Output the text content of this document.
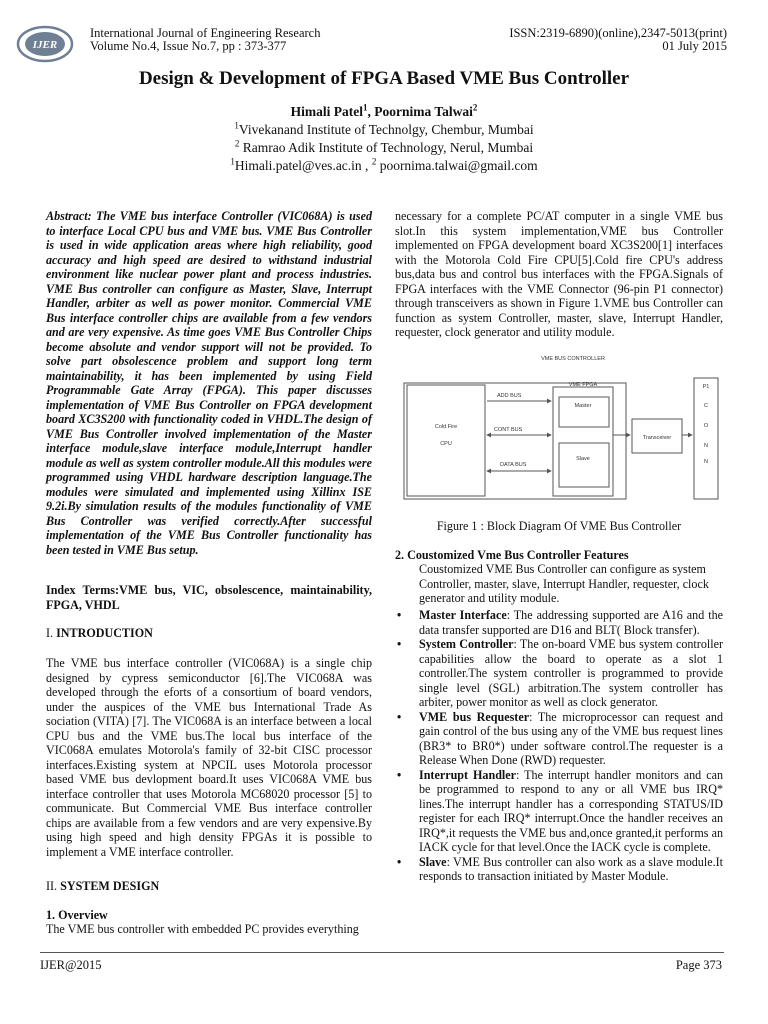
IJER
International Journal of Engineering Research
Volume No.4, Issue No.7, pp : 373-377
ISSN:2319-6890)(online),2347-5013(print)
01 July 2015
Design & Development of FPGA Based VME Bus Controller
Himali Patel$^1$, Poornima Talwai$^2$
$^1$Vivekanand Institute of Technolgy, Chembur, Mumbai
$^2$ Ramrao Adik Institute of Technology, Nerul, Mumbai
$^1$Himali.patel@ves.ac.in , $^2$ poornima.talwai@gmail.com
Abstract: The VME bus interface Controller (VIC068A) is used to interface Local CPU bus and VME bus. VME Bus Controller is used in wide application areas where high reliability, good accuracy and high speed are desired to withstand industrial environment like nuclear power plant and process industries. VME Bus controller can configure as Master, Slave, Interrupt Handler, arbiter as well as power monitor. Commercial VME Bus interface controller chips are available from a few vendors and are very expensive. As time goes VME Bus Controller Chips become absolute and vendor support will not be provided. To solve part obsolescence problem and support long term maintainability, it has been implemented by using Field Programmable Gate Array (FPGA). This paper discusses implementation of VME Bus Controller on FPGA development board XC3S200 with functionality coded in VHDL.The design of VME Bus Controller involved implementation of the Master interface module,slave interface module,Interrupt handler module as well as system controller module.All this modules were programmed using VHDL hardware description language.The modules were simulated and implemented using Xillinx ISE 9.2i.By simulation results of the modules functionality of VME Bus Controller was verified correctly.After successful implementation of the VME Bus Controller functionality has been tested in VME Bus setup.
Index Terms:VME bus, VIC, obsolescence, maintainability, FPGA, VHDL
I. INTRODUCTION
The VME bus interface controller (VIC068A) is a single chip designed by cypress semiconductor [6].The VIC068A was developed through the eforts of a consortium of board vendors, under the auspices of the VME bus International Trade As sociation (VITA) [7]. The VIC068A is an interface between a local CPU bus and the VME bus.The local bus interface of the VIC068A emulates Motorola's family of 32-bit CISC processor interfaces.Existing system at NPCIL uses Motorola processor based VME bus devlopment board.It uses VIC068A VME bus interface controller that uses Motorola MC68020 processor [5] to communicate. But Commercial VME Bus interface controller chips are available from a few vendors and are very expensive.By using high speed and high density FPGAs it is possible to implement a VME interface controller.
II. SYSTEM DESIGN
1. Overview
The VME bus controller with embedded PC provides everything
necessary for a complete PC/AT computer in a single VME bus slot.In this system implementation,VME bus Controller implemented on FPGA development board XC3S200[1] interfaces with the Motorola Cold Fire CPU[5].Cold fire CPU's address bus,data bus and control bus interfaces with the FPGA.Signals of FPGA interfaces with the VME Connector (96-pin P1 connector) through transceivers as shown in Figure 1.VME bus Controller can function as system Controller, master, slave, Interrupt Handler, requester, clock generator and utility module.
VME BUS CONTROLLER
Cold Fire
CPU
VME FPGA
Master
Slave
ADD BUS
CONT BUS
DATA BUS
Transceiver
P1
C
O
N
N
Figure 1 : Block Diagram Of VME Bus Controller
2. Coustomized Vme Bus Controller Features
Coustomized VME Bus Controller can configure as system Controller, master, slave, Interrupt Handler, requester, clock generator and utility module.
• Master Interface: The addressing supported are A16 and the data transfer supported are D16 and BLT( Block transfer).
• System Controller: The on-board VME bus system controller capabilities allow the board to operate as a slot 1 controller.The system controller is programmed to provide single level (SGL) arbitration.The system controller has arbiter, power monitor as well as clock generator.
• VME bus Requester: The microprocessor can request and gain control of the bus using any of the VME bus request lines (BR3* to BR0*) under software control.The requester is a Release When Done (RWD) requester.
• Interrupt Handler: The interrupt handler monitors and can be programmed to respond to any or all VME bus IRQ* lines.The interrupt handler has a corresponding STATUS/ID register for each IRQ* interrupt.Once the handler receives an IRQ*,it requests the VME bus and,once granted,it performs an IACK cycle for that level.Once the IACK cycle is complete.
• Slave: VME Bus controller can also work as a slave module.It responds to transaction initiated by Master Module.
IJER@2015	Page 373
